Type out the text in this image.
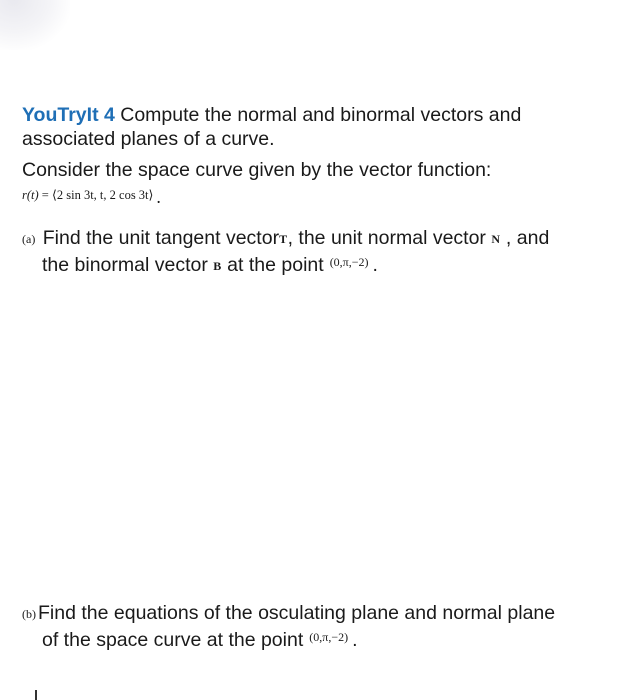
YouTryIt 4 Compute the normal and binormal vectors and
associated planes of a curve.
Consider the space curve given by the vector function:
r(t) = ⟨2 sin 3t, t, 2 cos 3t⟩ .
(a) Find the unit tangent vectorT, the unit normal vector N , and
the binormal vector B at the point $^{(0,\pi,-2)}$ .
(b) Find the equations of the osculating plane and normal plane
of the space curve at the point $^{(0,\pi,-2)}$ .
